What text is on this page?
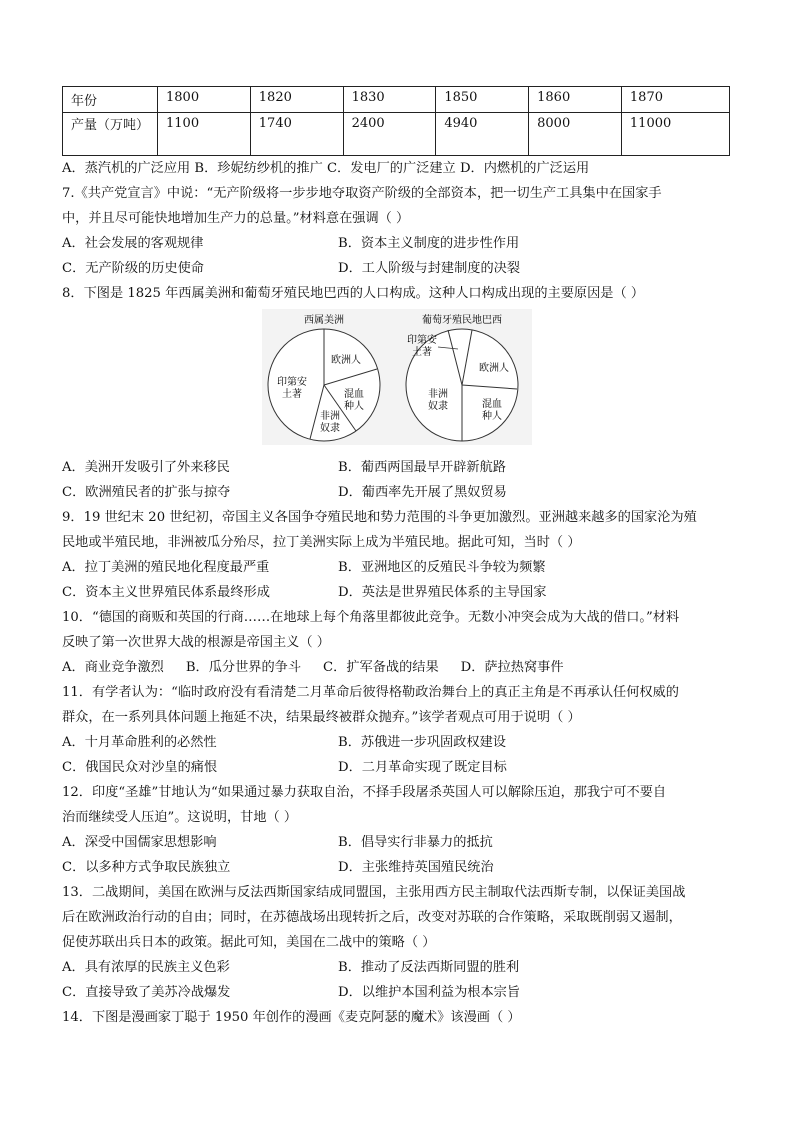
年份	1800	1820	1830	1850	1860	1870
产量（万吨）	1100	1740	2400	4940	8000	11000
A．蒸汽机的广泛应用 B．珍妮纺纱机的推广 C．发电厂的广泛建立 D．内燃机的广泛运用
7.《共产党宣言》中说：“无产阶级将一步步地夺取资产阶级的全部资本，把一切生产工具集中在国家手
中，并且尽可能快地增加生产力的总量。”材料意在强调（ ）
A．社会发展的客观规律	B．资本主义制度的进步性作用
C．无产阶级的历史使命	D．工人阶级与封建制度的决裂
8．下图是 1825 年西属美洲和葡萄牙殖民地巴西的人口构成。这种人口构成出现的主要原因是（ ）
西属美洲
欧洲人
混血
种人
非洲
奴隶
印第安
土著
葡萄牙殖民地巴西
欧洲人
混血
种人
非洲
奴隶
印第安
土著
A．美洲开发吸引了外来移民	B．葡西两国最早开辟新航路
C．欧洲殖民者的扩张与掠夺	D．葡西率先开展了黑奴贸易
9．19 世纪末 20 世纪初，帝国主义各国争夺殖民地和势力范围的斗争更加激烈。亚洲越来越多的国家沦为殖
民地或半殖民地，非洲被瓜分殆尽，拉丁美洲实际上成为半殖民地。据此可知，当时（ ）
A．拉丁美洲的殖民地化程度最严重	B．亚洲地区的反殖民斗争较为频繁
C．资本主义世界殖民体系最终形成	D．英法是世界殖民体系的主导国家
10．“德国的商贩和英国的行商……在地球上每个角落里都彼此竞争。无数小冲突会成为大战的借口。”材料
反映了第一次世界大战的根源是帝国主义（ ）
A．商业竞争激烈 B．瓜分世界的争斗 C．扩军备战的结果 D．萨拉热窝事件
11．有学者认为：“临时政府没有看清楚二月革命后彼得格勒政治舞台上的真正主角是不再承认任何权威的
群众，在一系列具体问题上拖延不决，结果最终被群众抛弃。”该学者观点可用于说明（ ）
A．十月革命胜利的必然性	B．苏俄进一步巩固政权建设
C．俄国民众对沙皇的痛恨	D．二月革命实现了既定目标
12．印度“圣雄”甘地认为“如果通过暴力获取自治，不择手段屠杀英国人可以解除压迫，那我宁可不要自
治而继续受人压迫”。这说明，甘地（ ）
A．深受中国儒家思想影响	B．倡导实行非暴力的抵抗
C．以多种方式争取民族独立	D．主张维持英国殖民统治
13．二战期间，美国在欧洲与反法西斯国家结成同盟国，主张用西方民主制取代法西斯专制，以保证美国战
后在欧洲政治行动的自由；同时，在苏德战场出现转折之后，改变对苏联的合作策略，采取既削弱又遏制，
促使苏联出兵日本的政策。据此可知，美国在二战中的策略（ ）
A．具有浓厚的民族主义色彩	B．推动了反法西斯同盟的胜利
C．直接导致了美苏冷战爆发	D．以维护本国利益为根本宗旨
14．下图是漫画家丁聪于 1950 年创作的漫画《麦克阿瑟的魔术》该漫画（ ）
